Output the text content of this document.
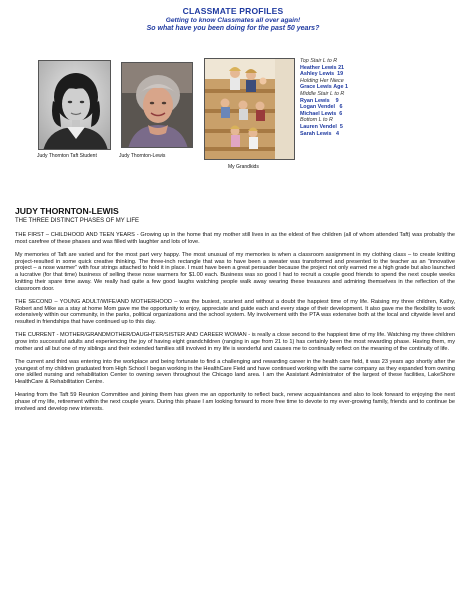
CLASSMATE PROFILES
Getting to know Classmates all over again!
So what have you been doing for the past 50 years?
Judy Thornton Taft Student	Judy Thornton-Lewis
My Grandkids
Top Stair L to R
Heather Lewis
21
Ashley Lewis
19
Holding Her Niece
Grace Lewis
Age 1
Middle Stair L to R
Ryan Lewis
9
Logan Vendel
6
Michael Lewis
6
Bottom L to R
Lauren Vendel
5
Sarah Lewis
4
JUDY THORNTON-LEWIS
THE THREE DISTINCT PHASES OF MY LIFE

THE FIRST – CHILDHOOD AND TEEN YEARS - Growing up in the home that my mother still lives in as the eldest of five children (all of whom attended Taft) was probably the most carefree of these phases and was filled with laughter and lots of love.

My memories of Taft are varied and for the most part very happy. The most unusual of my memories is when a classroom assignment in my clothing class – to create knitting project-resulted in some quick creative thinking. The three-inch rectangle that was to have been a sweater was transformed and presented to the teacher as an “innovative project – a nose warmer” with four strings attached to hold it in place. I must have been a great persuader because the project not only earned me a high grade but also launched a lucrative (for that time) business of selling these nose warmers for $1.00 each. Business was so good I had to recruit a couple good friends to spend the next couple weeks knitting their spare time away. We really had quite a few good laughs watching people walk away wearing these treasures and admiring themselves in the reflection of the classroom door.

THE SECOND – YOUNG ADULT/WIFE/AND MOTHERHOOD – was the busiest, scariest and without a doubt the happiest time of my life. Raising my three children, Kathy, Robert and Mike as a stay at home Mom gave me the opportunity to enjoy, appreciate and guide each and every stage of their development. It also gave me the flexibility to work extensively within our community, in the parks, political organizations and the school system. My involvement with the PTA was extensive both at the local and citywide level and resulted in friendships that have continued up to this day.

THE CURRENT - MOTHER/GRANDMOTHER/DAUGHTER/SISTER AND CAREER WOMAN - is really a close second to the happiest time of my life. Watching my three children grow into successful adults and experiencing the joy of having eight grandchildren (ranging in age from 21 to 1) has certainly been the most rewarding phase. Having them, my mother and all but one of my siblings and their extended families still involved in my life is wonderful and causes me to continually reflect on the meaning of the continuity of life.

The current and third was entering into the workplace and being fortunate to find a challenging and rewarding career in the health care field, it was 23 years ago shortly after the youngest of my children graduated from High School I began working in the HealthCare Field and have continued working with the same company as they expanded from owning one skilled nursing and rehabilitation Center to owning seven throughout the Chicago land area. I am the Assistant Administrator of the largest of these facilities, LakeShore HealthCare & Rehabilitation Centre.

Hearing from the Taft 59 Reunion Committee and joining them has given me an opportunity to reflect back, renew acquaintances and also to look forward to enjoying the next phase of my life, retirement within the next couple years. During this phase I am looking forward to more free time to devote to my ever-growing family, friends and to continue be involved and develop new interests.
